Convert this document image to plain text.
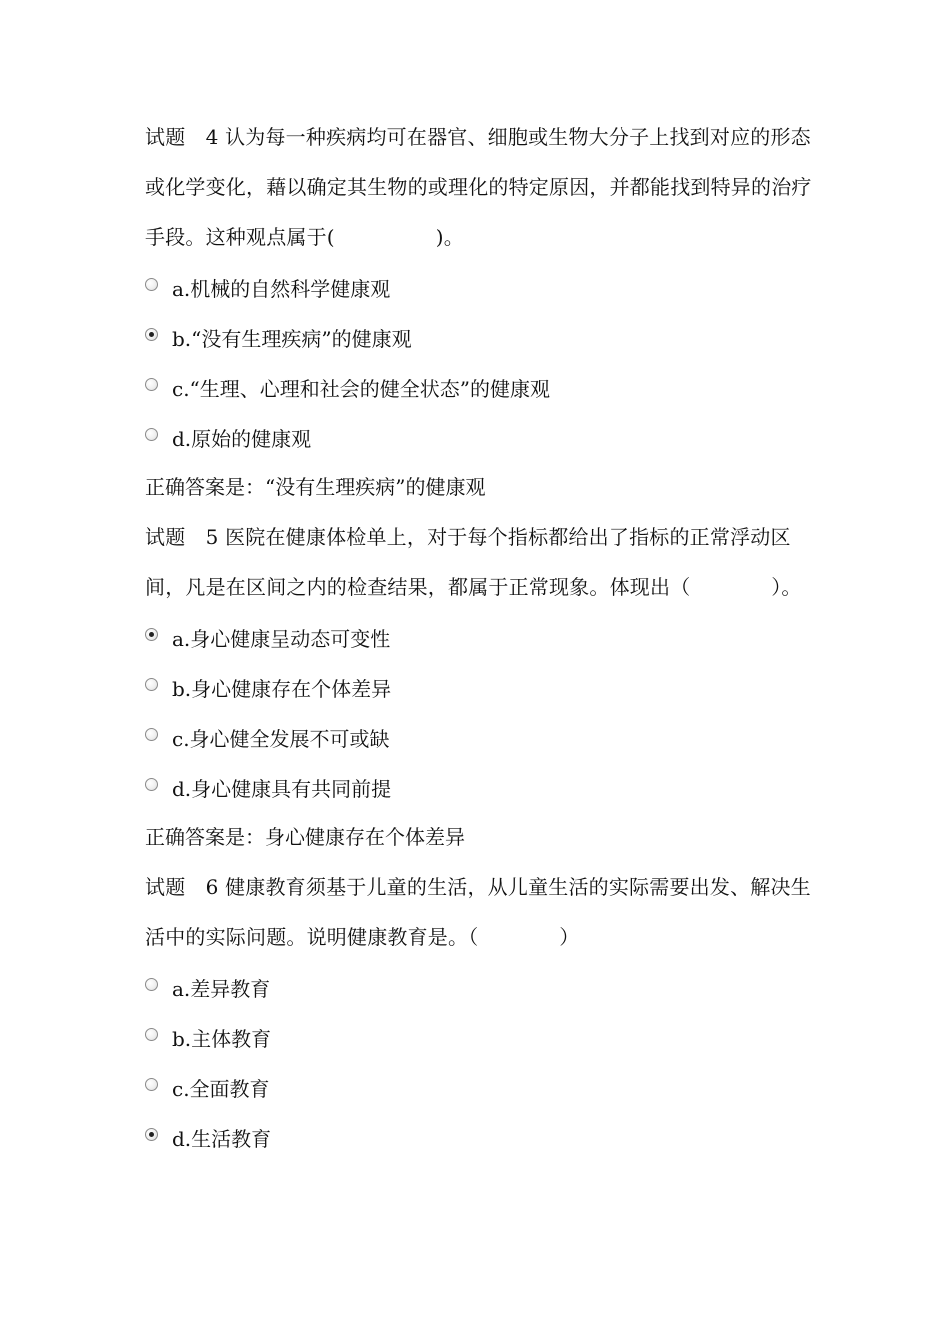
试题　4 认为每一种疾病均可在器官、细胞或生物大分子上找到对应的形态或化学变化，藉以确定其生物的或理化的特定原因，并都能找到特异的治疗手段。这种观点属于(　　　　　)。
a.机械的自然科学健康观
b.“没有生理疾病”的健康观
c.“生理、心理和社会的健全状态”的健康观
d.原始的健康观
正确答案是：“没有生理疾病”的健康观
试题　5 医院在健康体检单上，对于每个指标都给出了指标的正常浮动区间，凡是在区间之内的检查结果，都属于正常现象。体现出（　　　　）。
a.身心健康呈动态可变性
b.身心健康存在个体差异
c.身心健全发展不可或缺
d.身心健康具有共同前提
正确答案是：身心健康存在个体差异
试题　6 健康教育须基于儿童的生活，从儿童生活的实际需要出发、解决生活中的实际问题。说明健康教育是。（　　　　）
a.差异教育
b.主体教育
c.全面教育
d.生活教育
